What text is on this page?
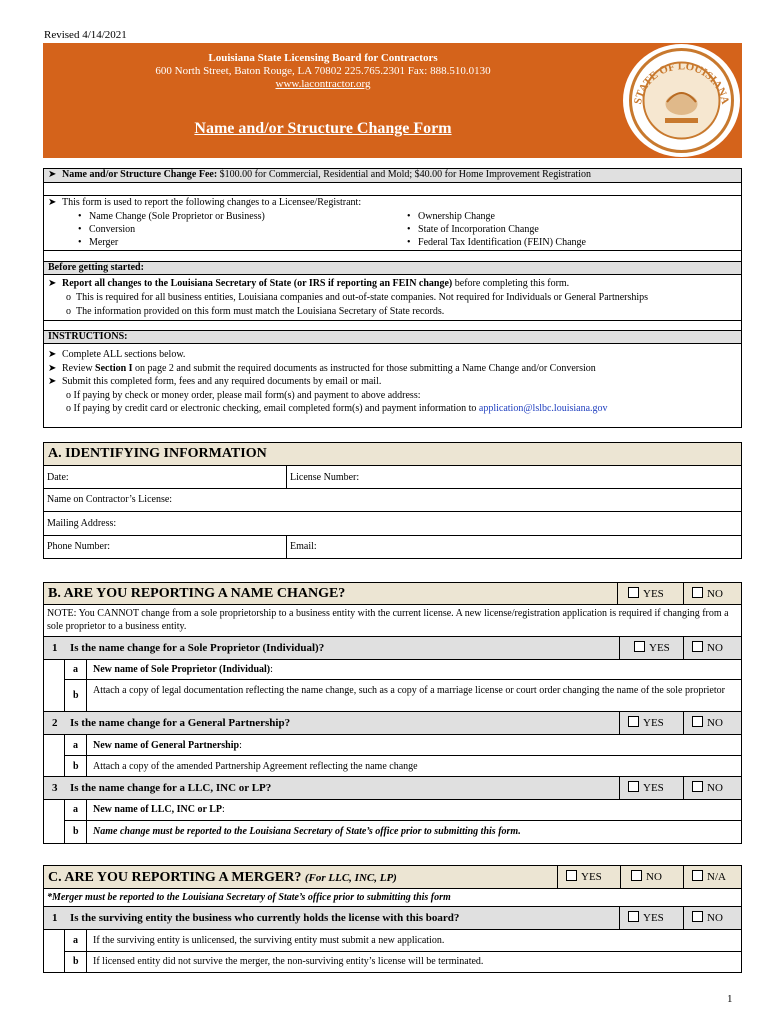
Revised 4/14/2021
Louisiana State Licensing Board for Contractors
600 North Street, Baton Rouge, LA 70802 225.765.2301 Fax: 888.510.0130
www.lacontractor.org
Name and/or Structure Change Form
STATE OF LOUISIANA
➤ Name and/or Structure Change Fee: $100.00 for Commercial, Residential and Mold; $40.00 for Home Improvement Registration
➤ This form is used to report the following changes to a Licensee/Registrant:
•   Name Change (Sole Proprietor or Business)
•   Conversion
•   Merger
•   Ownership Change
•   State of Incorporation Change
•   Federal Tax Identification (FEIN) Change
Before getting started:
➤ Report all changes to the Louisiana Secretary of State (or IRS if reporting an FEIN change) before completing this form.
o  This is required for all business entities, Louisiana companies and out-of-state companies. Not required for Individuals or General Partnerships
o  The information provided on this form must match the Louisiana Secretary of State records.
INSTRUCTIONS:
➤ Complete ALL sections below.
➤ Review Section I on page 2 and submit the required documents as instructed for those submitting a Name Change and/or Conversion
➤ Submit this completed form, fees and any required documents by email or mail.
o If paying by check or money order, please mail form(s) and payment to above address:
o If paying by credit card or electronic checking, email completed form(s) and payment information to application@lslbc.louisiana.gov
A. IDENTIFYING INFORMATION
Date:	License Number:
Name on Contractor’s License:
Mailing Address:
Phone Number:	Email:
B. ARE YOU REPORTING A NAME CHANGE?	YES	NO
NOTE: You CANNOT change from a sole proprietorship to a business entity with the current license. A new license/registration application is required if changing from a sole proprietor to a business entity.
1 Is the name change for a Sole Proprietor (Individual)?	YES	NO
a New name of Sole Proprietor (Individual):
b Attach a copy of legal documentation reflecting the name change, such as a copy of a marriage license or court order changing the name of the sole proprietor
2 Is the name change for a General Partnership?	YES	NO
a New name of General Partnership:
b Attach a copy of the amended Partnership Agreement reflecting the name change
3 Is the name change for a LLC, INC or LP?	YES	NO
a New name of LLC, INC or LP:
b Name change must be reported to the Louisiana Secretary of State’s office prior to submitting this form.
C. ARE YOU REPORTING A MERGER? (For LLC, INC, LP)	YES	NO	N/A
*Merger must be reported to the Louisiana Secretary of State’s office prior to submitting this form
1 Is the surviving entity the business who currently holds the license with this board?	YES	NO
a If the surviving entity is unlicensed, the surviving entity must submit a new application.
b If licensed entity did not survive the merger, the non-surviving entity’s license will be terminated.
1
